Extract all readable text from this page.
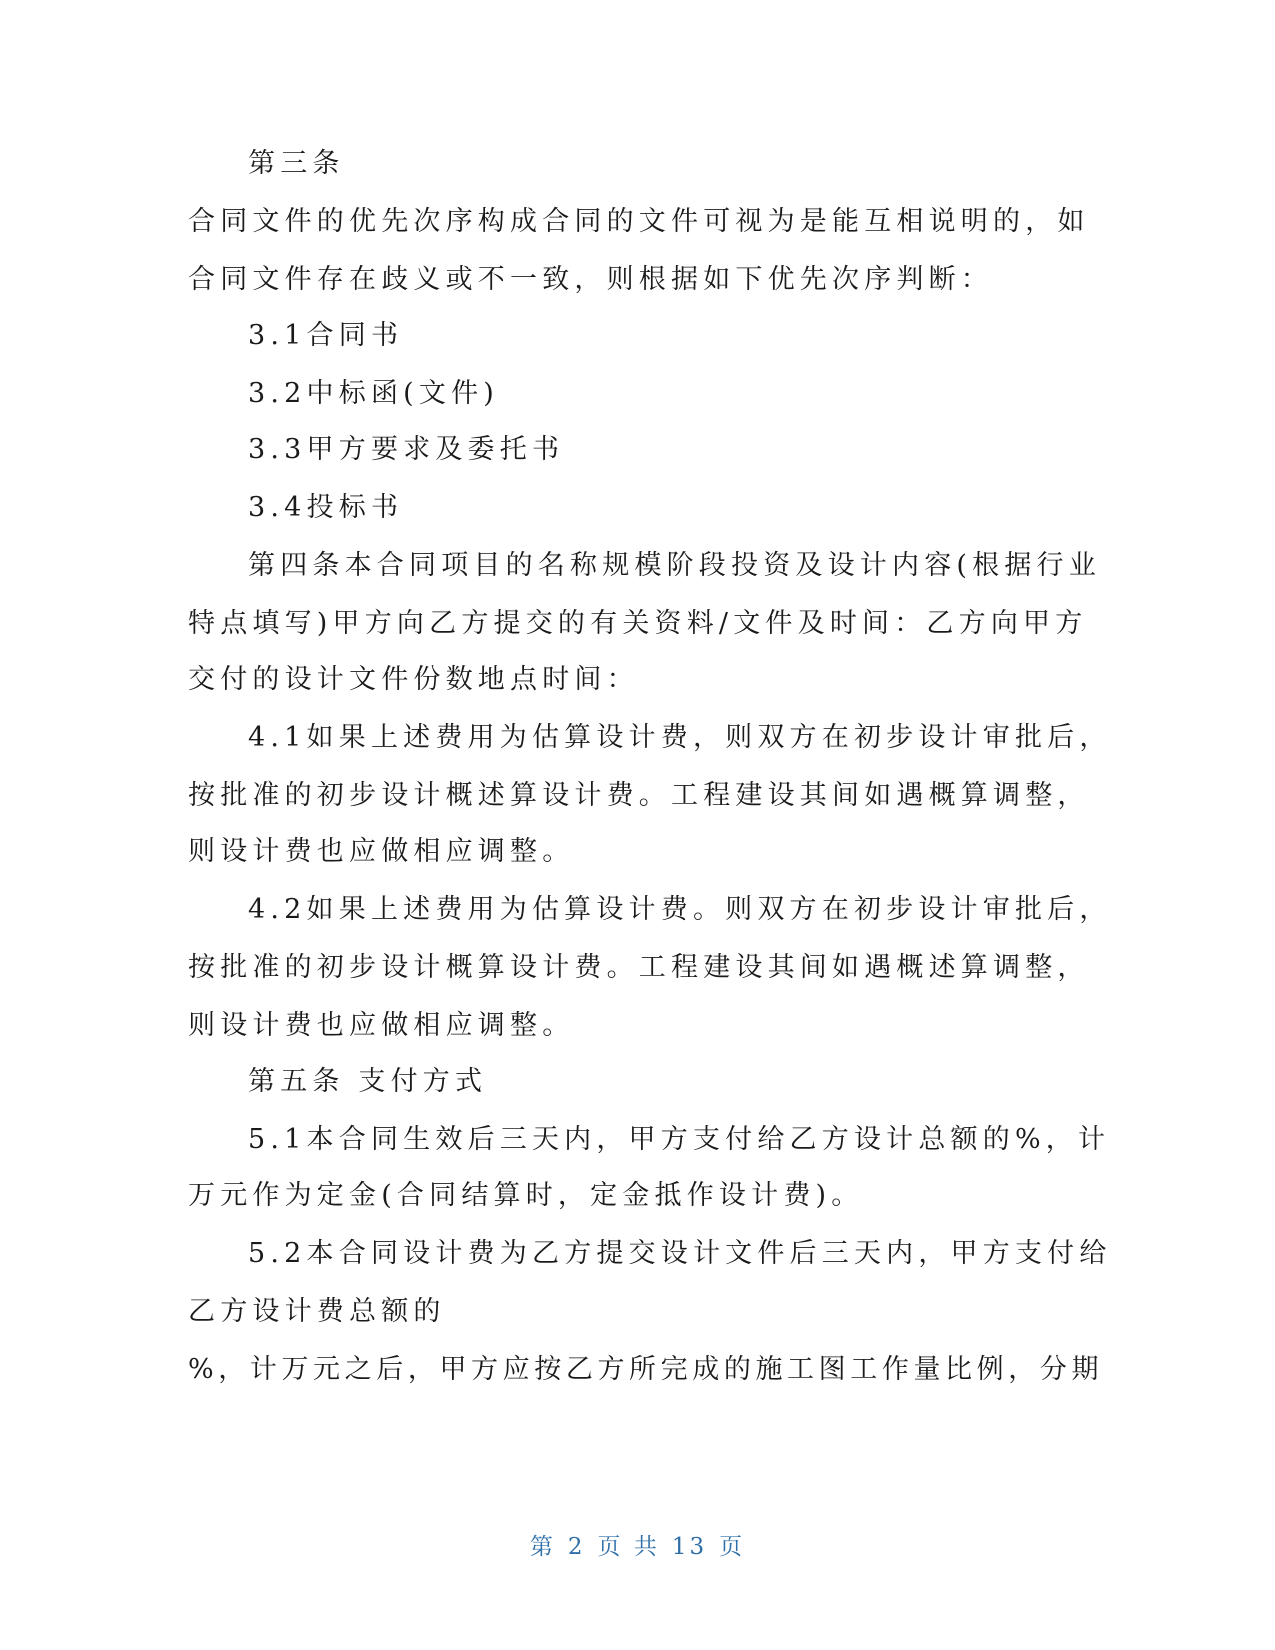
第三条
合同文件的优先次序构成合同的文件可视为是能互相说明的，如
合同文件存在歧义或不一致，则根据如下优先次序判断：
3.1合同书
3.2中标函(文件)
3.3甲方要求及委托书
3.4投标书
第四条本合同项目的名称规模阶段投资及设计内容(根据行业
特点填写)甲方向乙方提交的有关资料/文件及时间：乙方向甲方
交付的设计文件份数地点时间：
4.1如果上述费用为估算设计费，则双方在初步设计审批后，
按批准的初步设计概述算设计费。工程建设其间如遇概算调整，
则设计费也应做相应调整。
4.2如果上述费用为估算设计费。则双方在初步设计审批后，
按批准的初步设计概算设计费。工程建设其间如遇概述算调整，
则设计费也应做相应调整。
第五条 支付方式
5.1本合同生效后三天内，甲方支付给乙方设计总额的%，计
万元作为定金(合同结算时，定金抵作设计费)。
5.2本合同设计费为乙方提交设计文件后三天内，甲方支付给
乙方设计费总额的
%，计万元之后，甲方应按乙方所完成的施工图工作量比例，分期
第 2 页 共 13 页
